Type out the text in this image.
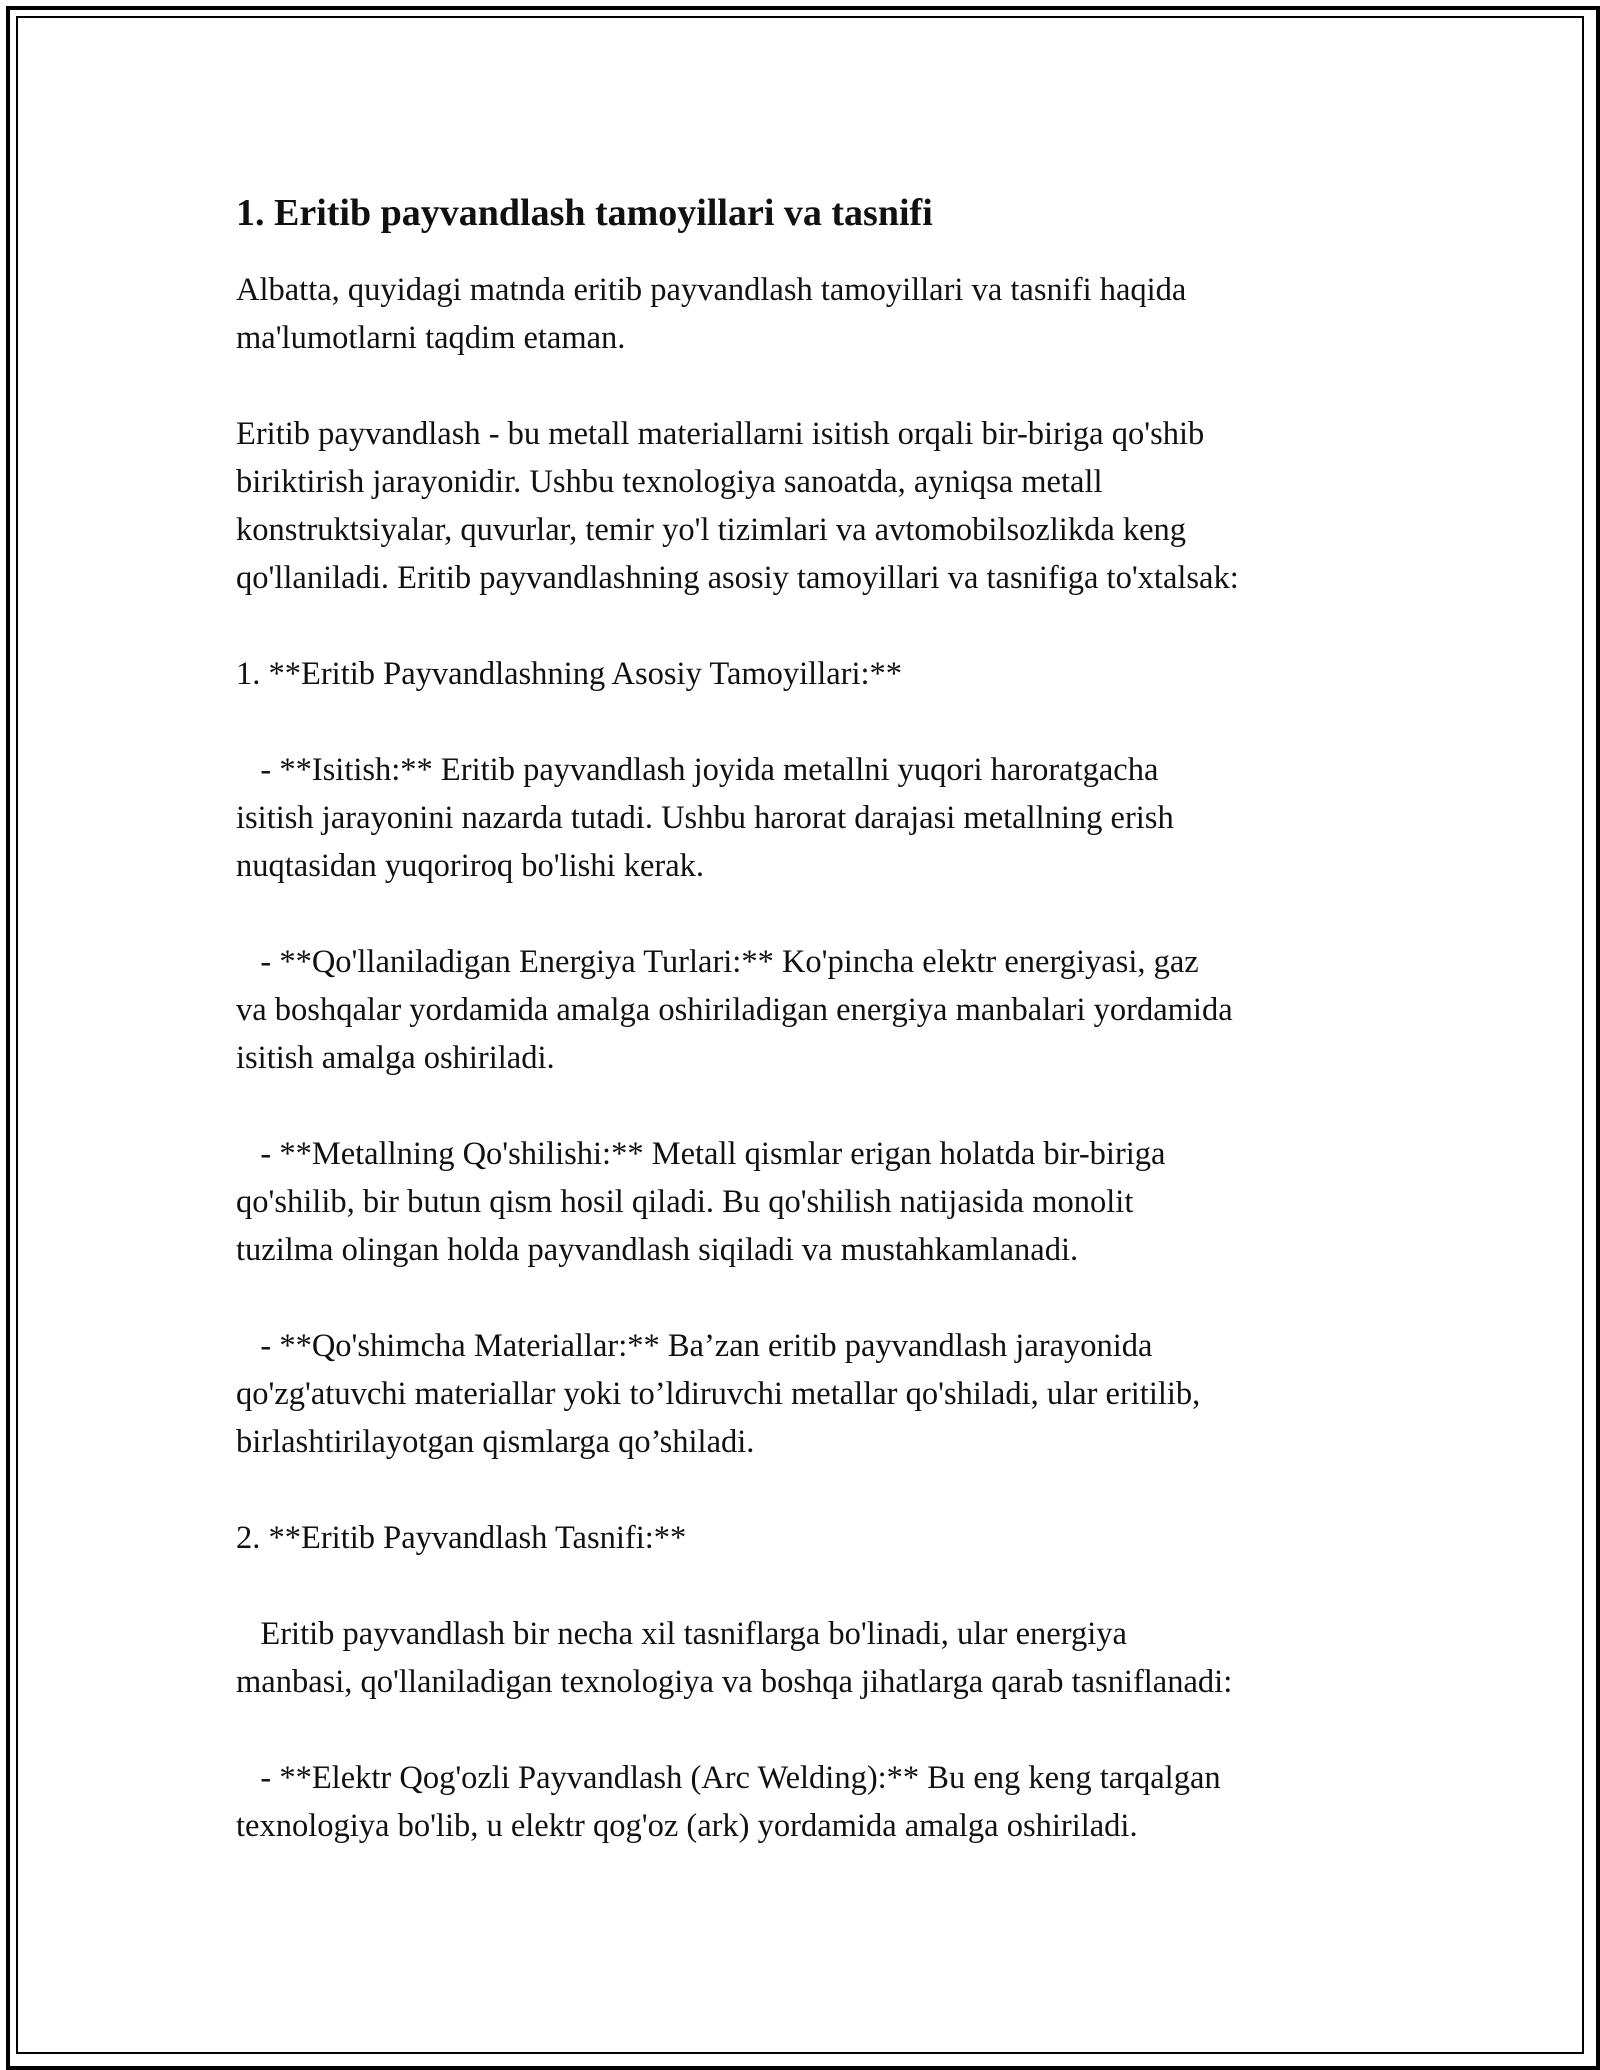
1. Eritib payvandlash tamoyillari va tasnifi

Albatta, quyidagi matnda eritib payvandlash tamoyillari va tasnifi haqida
ma'lumotlarni taqdim etaman.

Eritib payvandlash - bu metall materiallarni isitish orqali bir-biriga qo'shib
biriktirish jarayonidir. Ushbu texnologiya sanoatda, ayniqsa metall
konstruktsiyalar, quvurlar, temir yo'l tizimlari va avtomobilsozlikda keng
qo'llaniladi. Eritib payvandlashning asosiy tamoyillari va tasnifiga to'xtalsak:

1. **Eritib Payvandlashning Asosiy Tamoyillari:**

- **Isitish:** Eritib payvandlash joyida metallni yuqori haroratgacha
isitish jarayonini nazarda tutadi. Ushbu harorat darajasi metallning erish
nuqtasidan yuqoriroq bo'lishi kerak.

- **Qo'llaniladigan Energiya Turlari:** Ko'pincha elektr energiyasi, gaz
va boshqalar yordamida amalga oshiriladigan energiya manbalari yordamida
isitish amalga oshiriladi.

- **Metallning Qo'shilishi:** Metall qismlar erigan holatda bir-biriga
qo'shilib, bir butun qism hosil qiladi. Bu qo'shilish natijasida monolit
tuzilma olingan holda payvandlash siqiladi va mustahkamlanadi.

- **Qo'shimcha Materiallar:** Ba’zan eritib payvandlash jarayonida
qo'zg'atuvchi materiallar yoki to’ldiruvchi metallar qo'shiladi, ular eritilib,
birlashtirilayotgan qismlarga qo’shiladi.

2. **Eritib Payvandlash Tasnifi:**

Eritib payvandlash bir necha xil tasniflarga bo'linadi, ular energiya
manbasi, qo'llaniladigan texnologiya va boshqa jihatlarga qarab tasniflanadi:

- **Elektr Qog'ozli Payvandlash (Arc Welding):** Bu eng keng tarqalgan
texnologiya bo'lib, u elektr qog'oz (ark) yordamida amalga oshiriladi.
